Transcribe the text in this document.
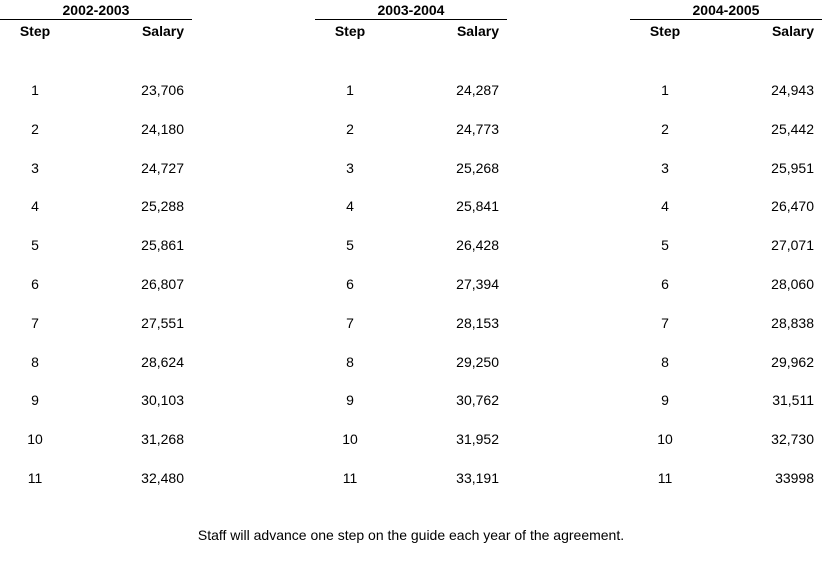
2002-2003
Step	Salary
1	23,706
2	24,180
3	24,727
4	25,288
5	25,861
6	26,807
7	27,551
8	28,624
9	30,103
10	31,268
11	32,480
2003-2004
Step	Salary
1	24,287
2	24,773
3	25,268
4	25,841
5	26,428
6	27,394
7	28,153
8	29,250
9	30,762
10	31,952
11	33,191
2004-2005
Step	Salary
1	24,943
2	25,442
3	25,951
4	26,470
5	27,071
6	28,060
7	28,838
8	29,962
9	31,511
10	32,730
11	33998
Staff will advance one step on the guide each year of the agreement.
